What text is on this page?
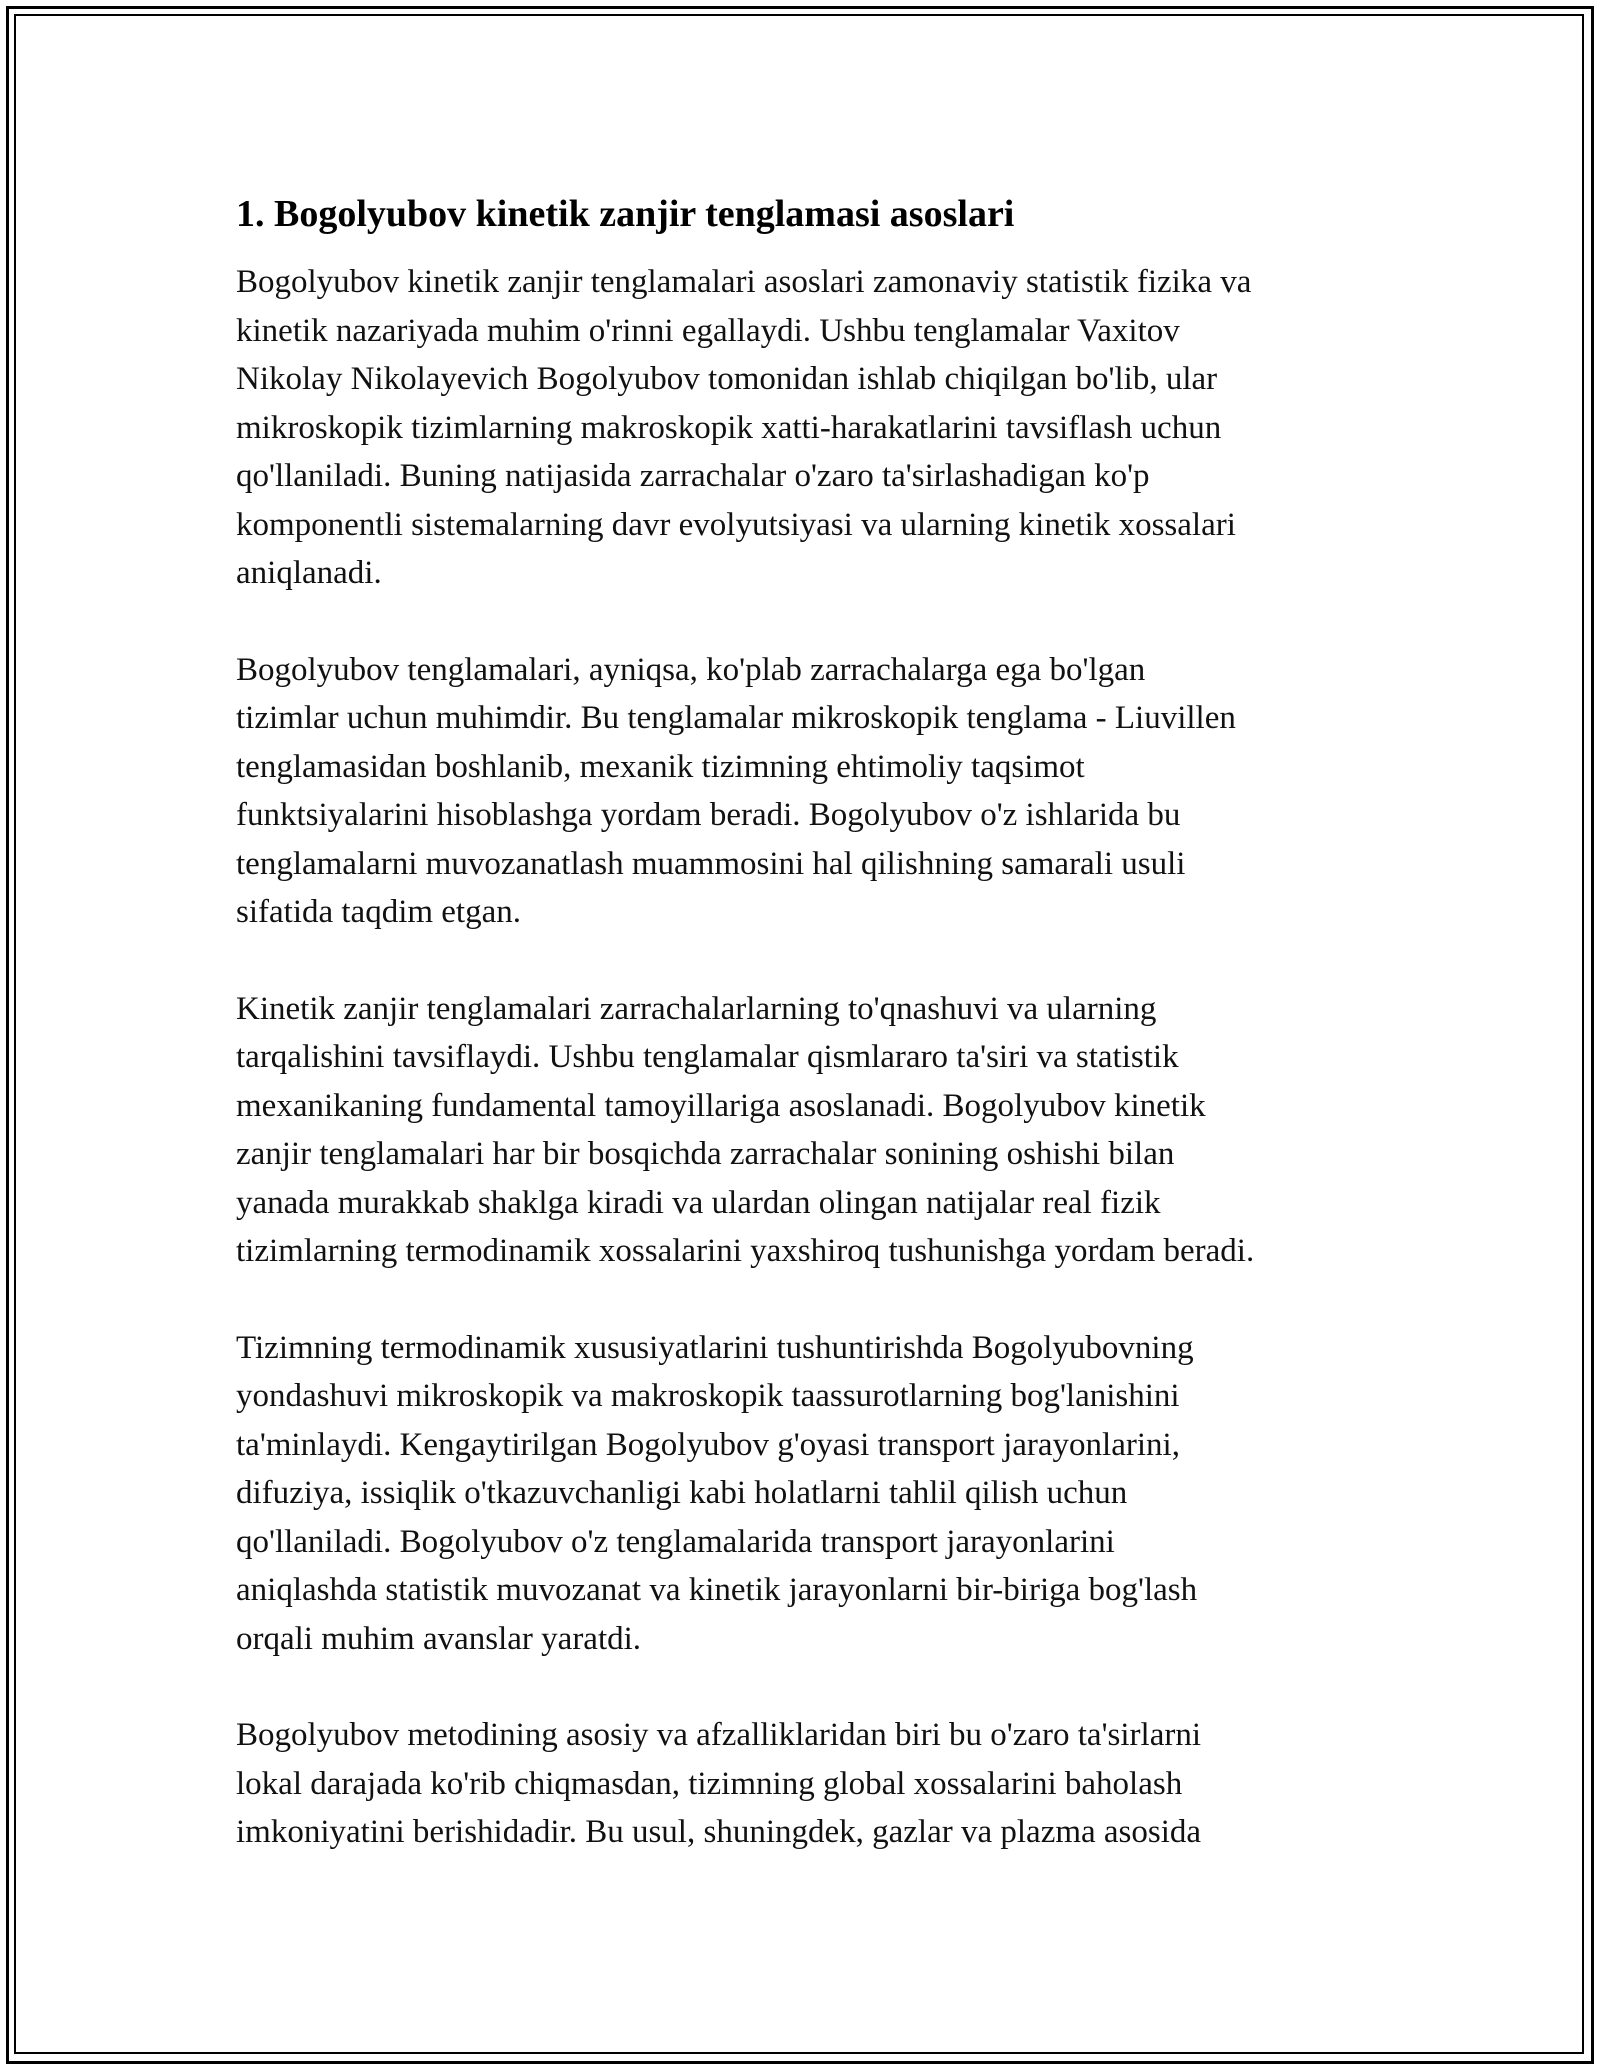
1. Bogolyubov kinetik zanjir tenglamasi asoslari

Bogolyubov kinetik zanjir tenglamalari asoslari zamonaviy statistik fizika va
kinetik nazariyada muhim o'rinni egallaydi. Ushbu tenglamalar Vaxitov
Nikolay Nikolayevich Bogolyubov tomonidan ishlab chiqilgan bo'lib, ular
mikroskopik tizimlarning makroskopik xatti-harakatlarini tavsiflash uchun
qo'llaniladi. Buning natijasida zarrachalar o'zaro ta'sirlashadigan ko'p
komponentli sistemalarning davr evolyutsiyasi va ularning kinetik xossalari
aniqlanadi.

Bogolyubov tenglamalari, ayniqsa, ko'plab zarrachalarga ega bo'lgan
tizimlar uchun muhimdir. Bu tenglamalar mikroskopik tenglama - Liuvillen
tenglamasidan boshlanib, mexanik tizimning ehtimoliy taqsimot
funktsiyalarini hisoblashga yordam beradi. Bogolyubov o'z ishlarida bu
tenglamalarni muvozanatlash muammosini hal qilishning samarali usuli
sifatida taqdim etgan.

Kinetik zanjir tenglamalari zarrachalarlarning to'qnashuvi va ularning
tarqalishini tavsiflaydi. Ushbu tenglamalar qismlararo ta'siri va statistik
mexanikaning fundamental tamoyillariga asoslanadi. Bogolyubov kinetik
zanjir tenglamalari har bir bosqichda zarrachalar sonining oshishi bilan
yanada murakkab shaklga kiradi va ulardan olingan natijalar real fizik
tizimlarning termodinamik xossalarini yaxshiroq tushunishga yordam beradi.

Tizimning termodinamik xususiyatlarini tushuntirishda Bogolyubovning
yondashuvi mikroskopik va makroskopik taassurotlarning bog'lanishini
ta'minlaydi. Kengaytirilgan Bogolyubov g'oyasi transport jarayonlarini,
difuziya, issiqlik o'tkazuvchanligi kabi holatlarni tahlil qilish uchun
qo'llaniladi. Bogolyubov o'z tenglamalarida transport jarayonlarini
aniqlashda statistik muvozanat va kinetik jarayonlarni bir-biriga bog'lash
orqali muhim avanslar yaratdi.

Bogolyubov metodining asosiy va afzalliklaridan biri bu o'zaro ta'sirlarni
lokal darajada ko'rib chiqmasdan, tizimning global xossalarini baholash
imkoniyatini berishidadir. Bu usul, shuningdek, gazlar va plazma asosida
